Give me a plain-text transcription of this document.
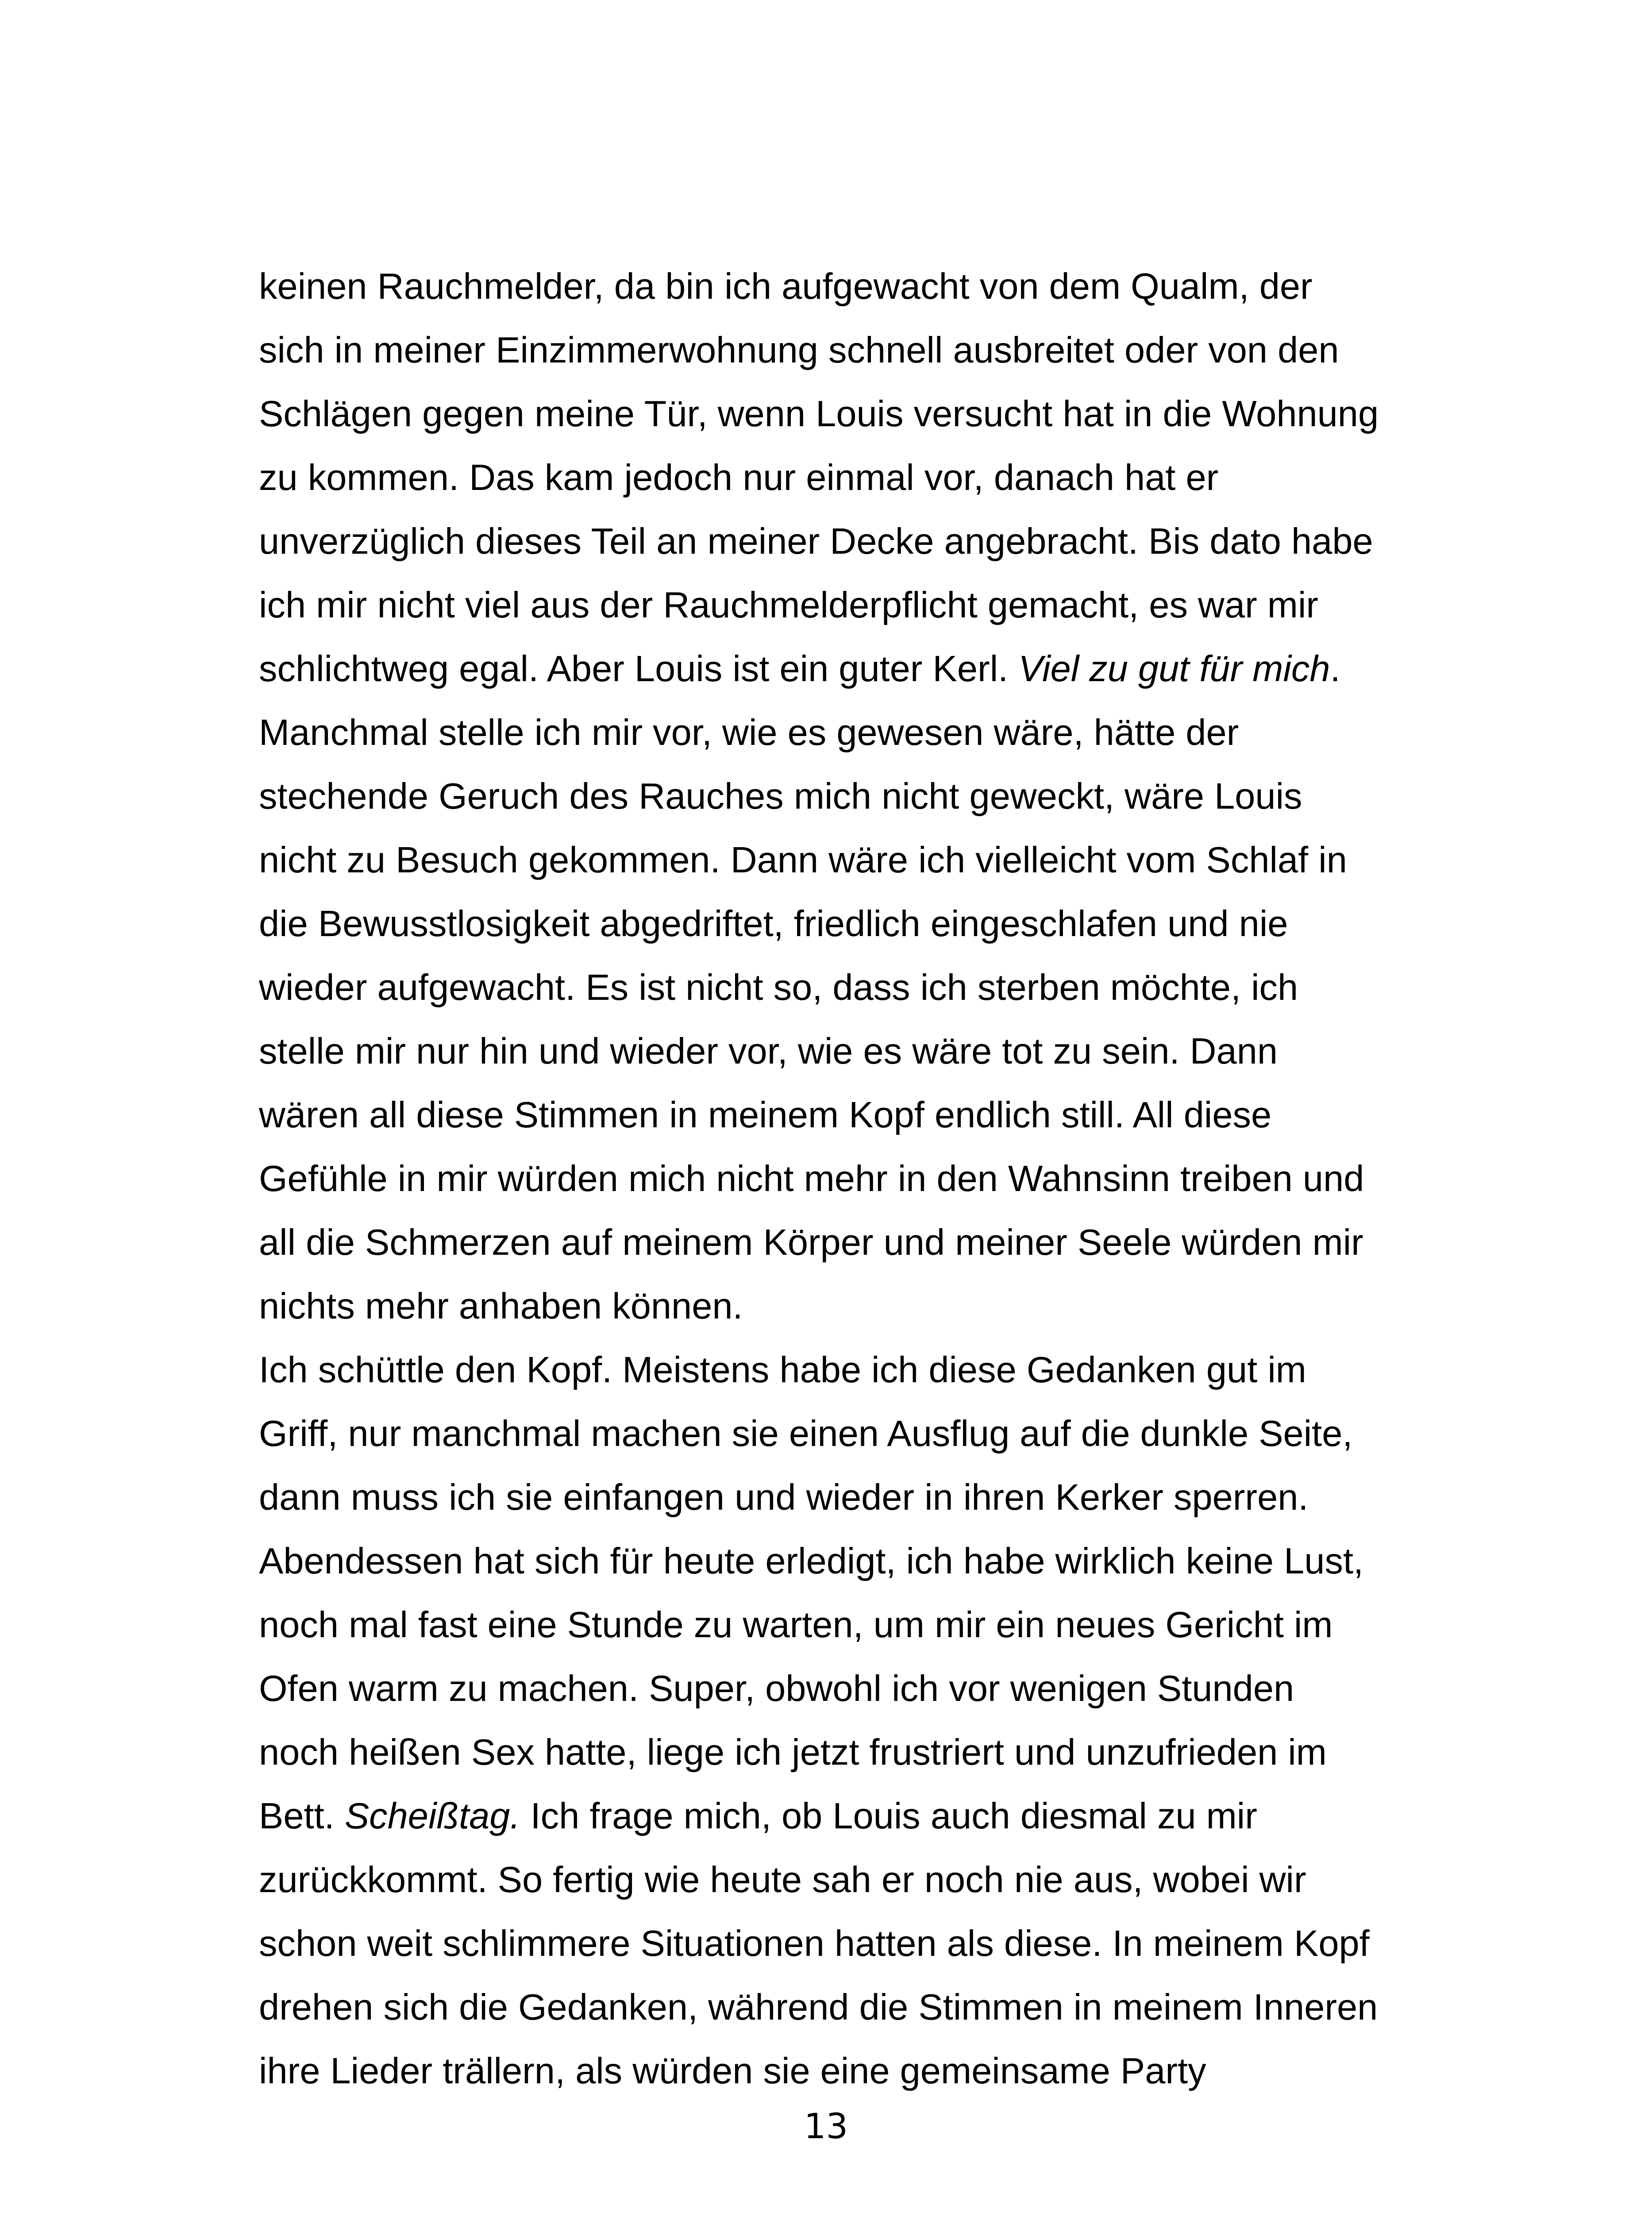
keinen Rauchmelder, da bin ich aufgewacht von dem Qualm, der
sich in meiner Einzimmerwohnung schnell ausbreitet oder von den
Schlägen gegen meine Tür, wenn Louis versucht hat in die Wohnung
zu kommen. Das kam jedoch nur einmal vor, danach hat er
unverzüglich dieses Teil an meiner Decke angebracht. Bis dato habe
ich mir nicht viel aus der Rauchmelderpflicht gemacht, es war mir
schlichtweg egal. Aber Louis ist ein guter Kerl. Viel zu gut für mich.
Manchmal stelle ich mir vor, wie es gewesen wäre, hätte der
stechende Geruch des Rauches mich nicht geweckt, wäre Louis
nicht zu Besuch gekommen. Dann wäre ich vielleicht vom Schlaf in
die Bewusstlosigkeit abgedriftet, friedlich eingeschlafen und nie
wieder aufgewacht. Es ist nicht so, dass ich sterben möchte, ich
stelle mir nur hin und wieder vor, wie es wäre tot zu sein. Dann
wären all diese Stimmen in meinem Kopf endlich still. All diese
Gefühle in mir würden mich nicht mehr in den Wahnsinn treiben und
all die Schmerzen auf meinem Körper und meiner Seele würden mir
nichts mehr anhaben können.
Ich schüttle den Kopf. Meistens habe ich diese Gedanken gut im
Griff, nur manchmal machen sie einen Ausflug auf die dunkle Seite,
dann muss ich sie einfangen und wieder in ihren Kerker sperren.
Abendessen hat sich für heute erledigt, ich habe wirklich keine Lust,
noch mal fast eine Stunde zu warten, um mir ein neues Gericht im
Ofen warm zu machen. Super, obwohl ich vor wenigen Stunden
noch heißen Sex hatte, liege ich jetzt frustriert und unzufrieden im
Bett. Scheißtag. Ich frage mich, ob Louis auch diesmal zu mir
zurückkommt. So fertig wie heute sah er noch nie aus, wobei wir
schon weit schlimmere Situationen hatten als diese. In meinem Kopf
drehen sich die Gedanken, während die Stimmen in meinem Inneren
ihre Lieder trällern, als würden sie eine gemeinsame Party
13
